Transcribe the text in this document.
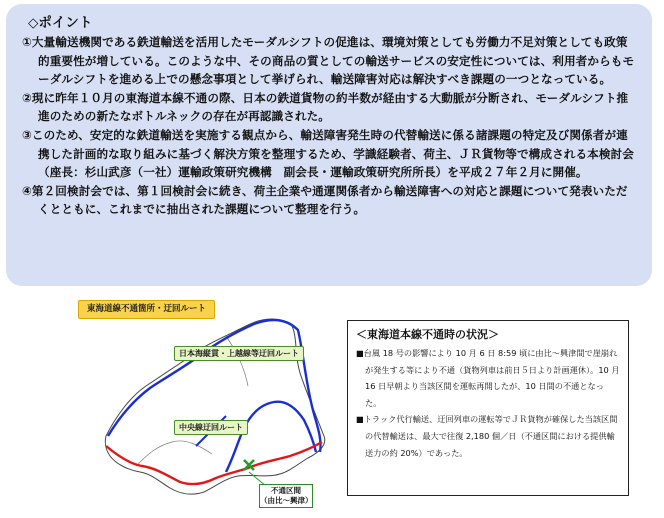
◇ポイント
①大量輸送機関である鉄道輸送を活用したモーダルシフトの促進は、環境対策としても労働力不足対策としても政策的重要性が増している。このような中、その商品の質としての輸送サービスの安定性については、利用者からもモーダルシフトを進める上での懸念事項として挙げられ、輸送障害対応は解決すべき課題の一つとなっている。
②現に昨年１０月の東海道本線不通の際、日本の鉄道貨物の約半数が経由する大動脈が分断され、モーダルシフト推進のための新たなボトルネックの存在が再認識された。
③このため、安定的な鉄道輸送を実施する観点から、輸送障害発生時の代替輸送に係る諸課題の特定及び関係者が連携した計画的な取り組みに基づく解決方策を整理するため、学識経験者、荷主、ＪＲ貨物等で構成される本検討会（座長：杉山武彦（一社）運輸政策研究機構　副会長・運輸政策研究所所長）を平成２７年２月に開催。
④第２回検討会では、第１回検討会に続き、荷主企業や通運関係者から輸送障害への対応と課題について発表いただくとともに、これまでに抽出された課題について整理を行う。
東海道線不通箇所・迂回ルート
日本海縦貫・上越線等迂回ルート
中央線迂回ルート
不通区間
（由比～興津）
＜東海道本線不通時の状況＞
■台風 18 号の影響により 10 月 6 日 8:59 頃に由比～興津間で崖崩れが発生する等により不通（貨物列車は前日５日より計画運休）。10 月 16 日早朝より当該区間を運転再開したが、10 日間の不通となった。
■トラック代行輸送、迂回列車の運転等でＪＲ貨物が確保した当該区間の代替輸送は、最大で往復 2,180 個／日（不通区間における提供輸送力の約 20%）であった。
